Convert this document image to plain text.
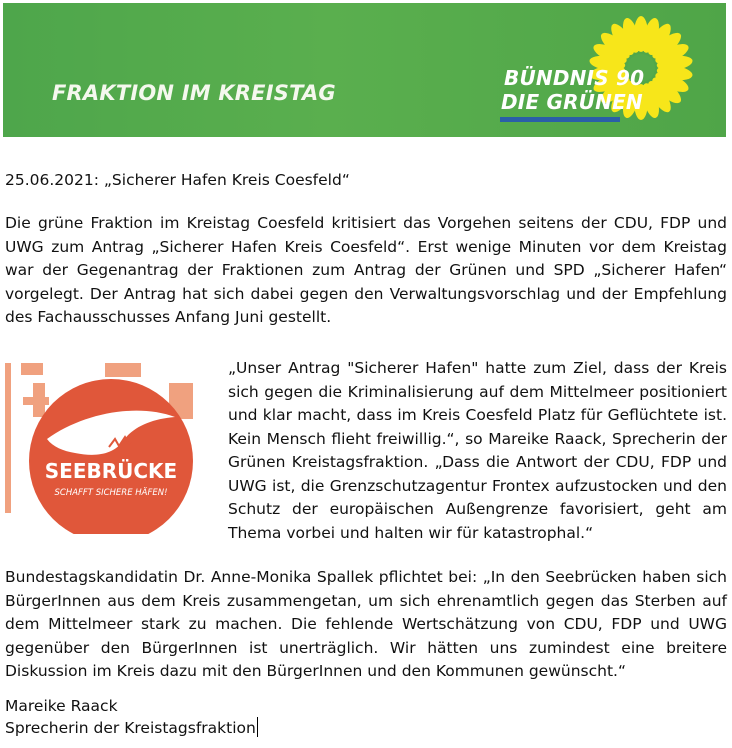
FRAKTION IM KREISTAG
BÜNDNIS 90
DIE GRÜNEN

25.06.2021: „Sicherer Hafen Kreis Coesfeld“

Die grüne Fraktion im Kreistag Coesfeld kritisiert das Vorgehen seitens der CDU, FDP und UWG zum Antrag „Sicherer Hafen Kreis Coesfeld“. Erst wenige Minuten vor dem Kreistag war der Gegenantrag der Fraktionen zum Antrag der Grünen und SPD „Sicherer Hafen“ vorgelegt. Der Antrag hat sich dabei gegen den Verwaltungsvorschlag und der Empfehlung des Fachausschusses Anfang Juni gestellt.

SEEBRÜCKE
SCHAFFT SICHERE HÄFEN!

„Unser Antrag "Sicherer Hafen" hatte zum Ziel, dass der Kreis sich gegen die Kriminalisierung auf dem Mittelmeer positioniert und klar macht, dass im Kreis Coesfeld Platz für Geflüchtete ist. Kein Mensch flieht freiwillig.“, so Mareike Raack, Sprecherin der Grünen Kreistagsfraktion. „Dass die Antwort der CDU, FDP und UWG ist, die Grenzschutzagentur Frontex aufzustocken und den Schutz der europäischen Außengrenze favorisiert, geht am Thema vorbei und halten wir für katastrophal.“

Bundestagskandidatin Dr. Anne-Monika Spallek pflichtet bei: „In den Seebrücken haben sich BürgerInnen aus dem Kreis zusammengetan, um sich ehrenamtlich gegen das Sterben auf dem Mittelmeer stark zu machen. Die fehlende Wertschätzung von CDU, FDP und UWG gegenüber den BürgerInnen ist unerträglich. Wir hätten uns zumindest eine breitere Diskussion im Kreis dazu mit den BürgerInnen und den Kommunen gewünscht.“

Mareike Raack

Sprecherin der Kreistagsfraktion
